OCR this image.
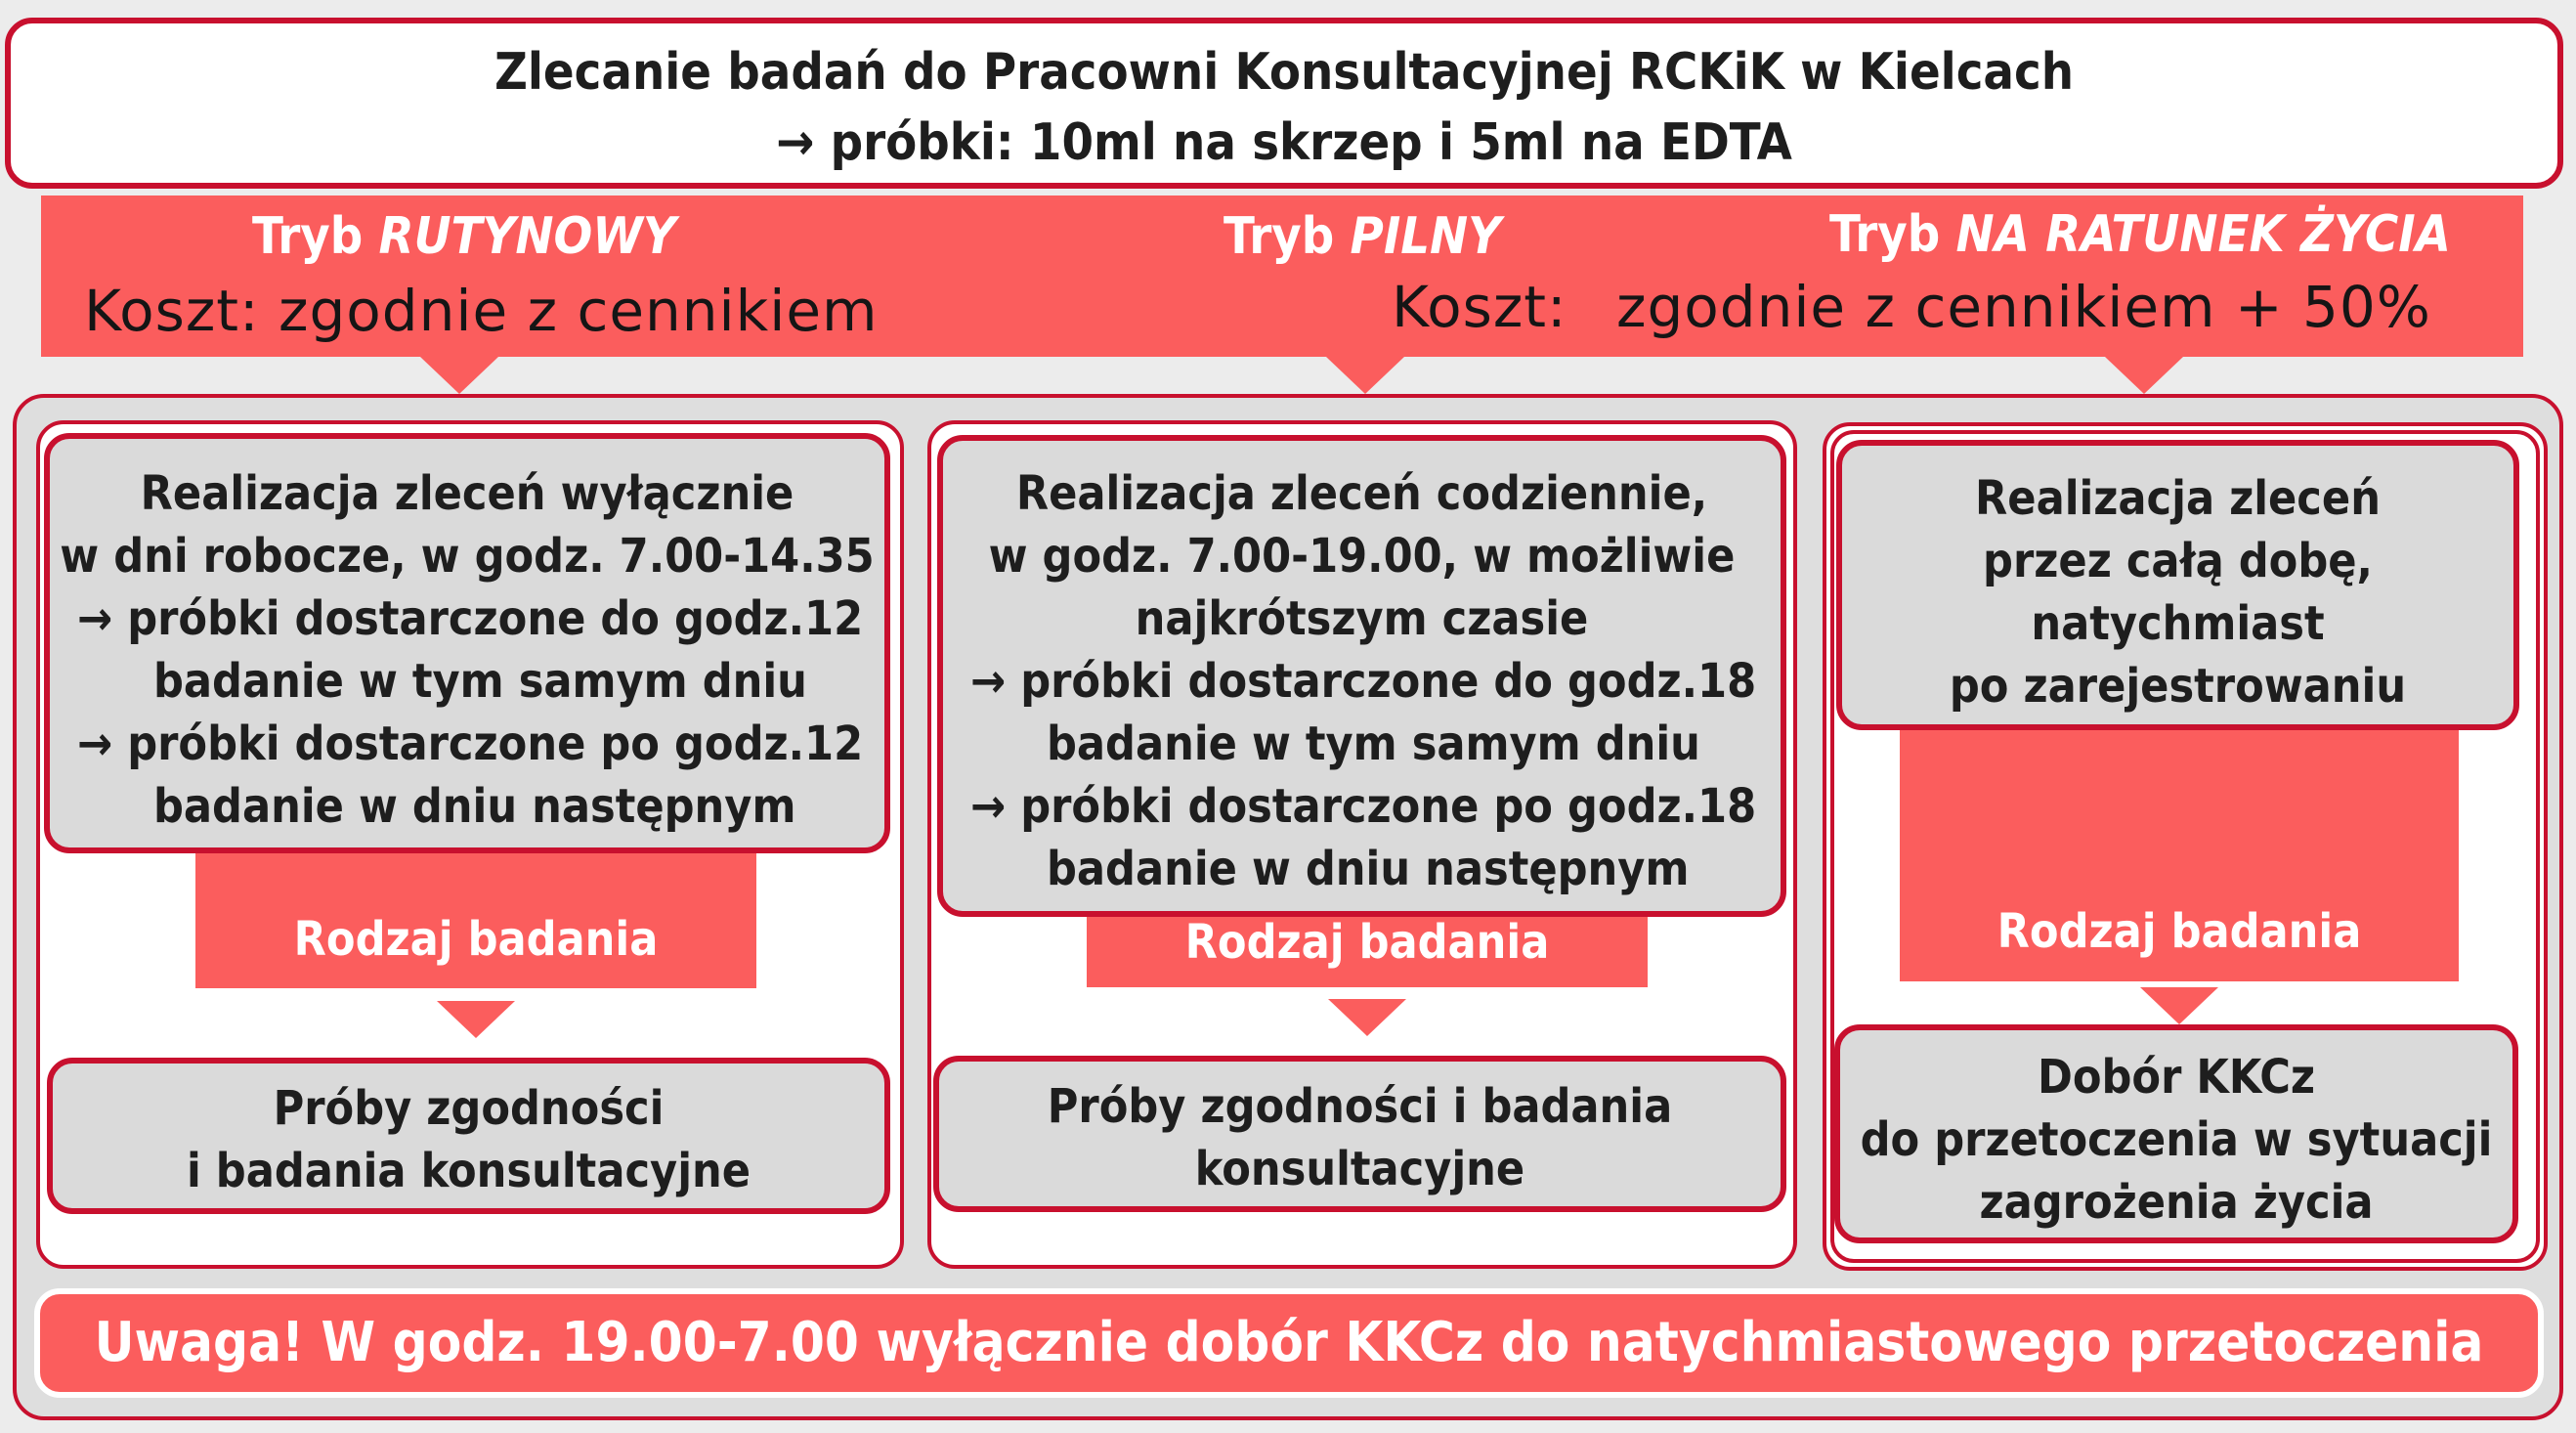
Zlecanie badań do Pracowni Konsultacyjnej RCKiK w Kielcach
→ próbki: 10ml na skrzep i 5ml na EDTA
Tryb RUTYNOWY	Tryb PILNY	Tryb NA RATUNEK ŻYCIA
Koszt: zgodnie z cennikiem	Koszt: zgodnie z cennikiem + 50%
Realizacja zleceń wyłącznie
w dni robocze, w godz. 7.00-14.35
→ próbki dostarczone do godz.12
badanie w tym samym dniu
→ próbki dostarczone po godz.12
badanie w dniu następnym
Rodzaj badania
Próby zgodności
i badania konsultacyjne
Realizacja zleceń codziennie,
w godz. 7.00-19.00, w możliwie
najkrótszym czasie
→ próbki dostarczone do godz.18
badanie w tym samym dniu
→ próbki dostarczone po godz.18
badanie w dniu następnym
Rodzaj badania
Próby zgodności i badania
konsultacyjne
Realizacja zleceń
przez całą dobę,
natychmiast
po zarejestrowaniu
Rodzaj badania
Dobór KKCz
do przetoczenia w sytuacji
zagrożenia życia
Uwaga! W godz. 19.00-7.00 wyłącznie dobór KKCz do natychmiastowego przetoczenia
